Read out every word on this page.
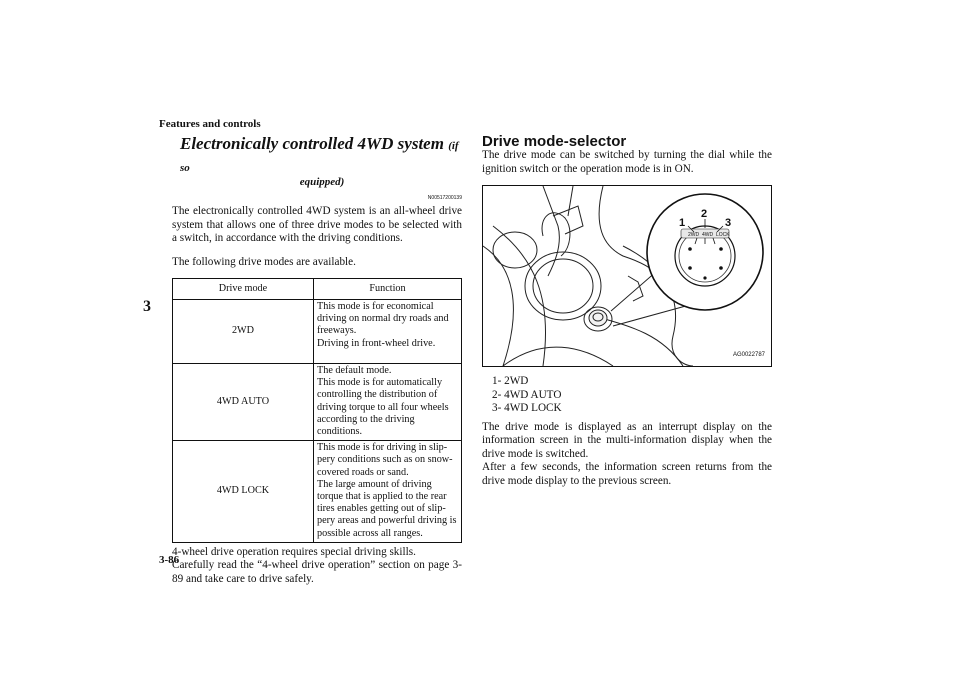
Features and controls
3
3-86
Electronically controlled 4WD system (if so
equipped)
N00517200139

The electronically controlled 4WD system is an all-wheel drive system that allows one of three drive modes to be selected with a switch, in accordance with the driving conditions.

The following drive modes are available.

Drive mode	Function
2WD	This mode is for economical driving on normal dry roads and freeways.
Driving in front-wheel drive.
4WD AUTO	The default mode.
This mode is for automatically controlling the distribution of driving torque to all four wheels according to the driving conditions.
4WD LOCK	This mode is for driving in slip-pery conditions such as on snow-covered roads or sand.
The large amount of driving torque that is applied to the rear tires enables getting out of slip-pery areas and powerful driving is possible across all ranges.

4-wheel drive operation requires special driving skills.

Carefully read the “4-wheel drive operation” section on page 3-89 and take care to drive safely.

Drive mode-selector

The drive mode can be switched by turning the dial while the ignition switch or the operation mode is in ON.

2WD 4WD LOCK
1
2
3
AG0022787
1- 2WD
2- 4WD AUTO
3- 4WD LOCK

The drive mode is displayed as an interrupt display on the information screen in the multi-information display when the drive mode is switched.

After a few seconds, the information screen returns from the drive mode display to the previous screen.
